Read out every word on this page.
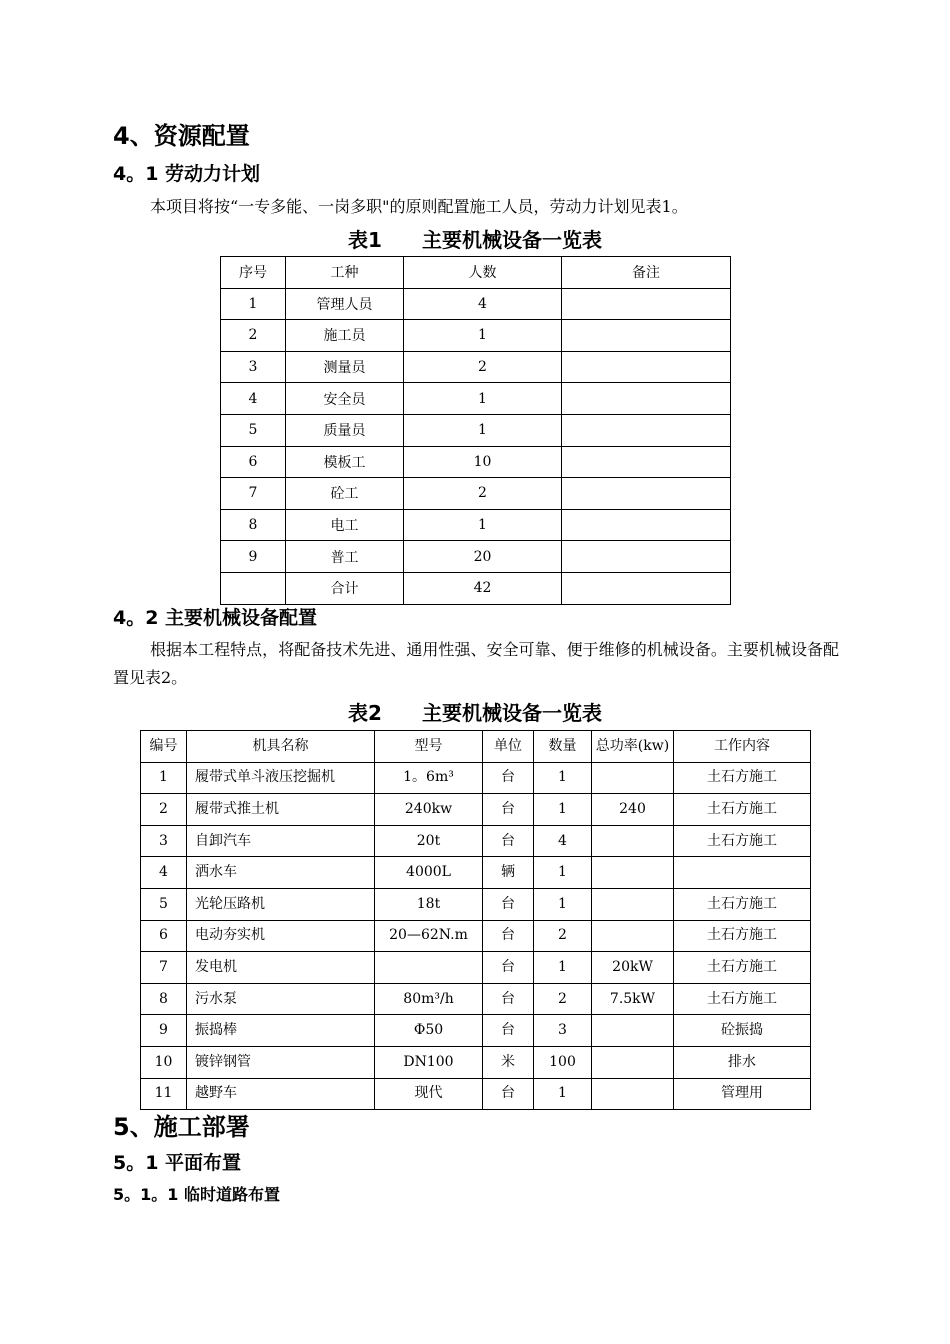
4、资源配置
4。1 劳动力计划
本项目将按“一专多能、一岗多职"的原则配置施工人员，劳动力计划见表1。
表1　　主要机械设备一览表
序号	工种	人数	备注
1	管理人员	4	
2	施工员	1	
3	测量员	2	
4	安全员	1	
5	质量员	1	
6	模板工	10	
7	砼工	2	
8	电工	1	
9	普工	20	
	合计	42	
4。2 主要机械设备配置
根据本工程特点，将配备技术先进、通用性强、安全可靠、便于维修的机械设备。主要机械设备配置见表2。
表2　　主要机械设备一览表
编号	机具名称	型号	单位	数量	总功率(kw)	工作内容
1	履带式单斗液压挖掘机	1。6m³	台	1		土石方施工
2	履带式推土机	240kw	台	1	240	土石方施工
3	自卸汽车	20t	台	4		土石方施工
4	洒水车	4000L	辆	1		
5	光轮压路机	18t	台	1		土石方施工
6	电动夯实机	20—62N.m	台	2		土石方施工
7	发电机		台	1	20kW	土石方施工
8	污水泵	80m³/h	台	2	7.5kW	土石方施工
9	振捣棒	Φ50	台	3		砼振捣
10	镀锌钢管	DN100	米	100		排水
11	越野车	现代	台	1		管理用
5、施工部署
5。1 平面布置
5。1。1 临时道路布置
